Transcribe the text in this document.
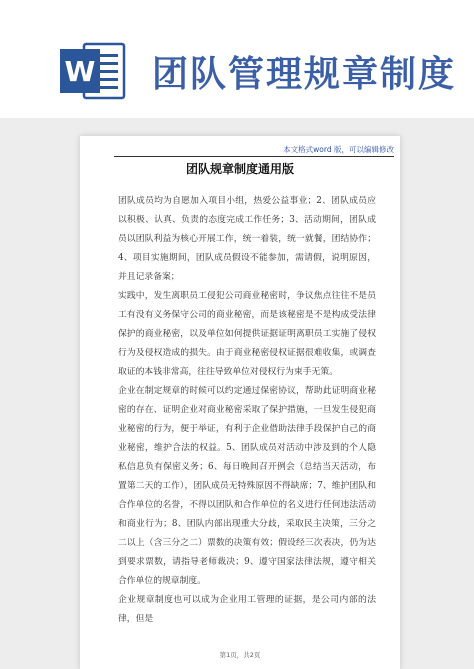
W 团队管理规章制度
本文格式word 版，可以编辑修改
团队规章制度通用版

团队成员均为自愿加入项目小组，热爱公益事业；2、团队成员应以积极、认真、负责的态度完成工作任务；3、活动期间，团队成员以团队利益为核心开展工作，统一着装，统一就餐，团结协作；4、项目实施期间，团队成员假设不能参加，需请假，说明原因，并且记录备案；

实践中，发生离职员工侵犯公司商业秘密时，争议焦点往往不是员工有没有义务保守公司的商业秘密，而是该秘密是不是构成受法律保护的商业秘密，以及单位如何提供证据证明离职员工实施了侵权行为及侵权造成的损失。由于商业秘密侵权证据很难收集，或调查取证的本钱非常高，往往导致单位对侵权行为束手无策。

企业在制定规章的时候可以约定通过保密协议，帮助此证明商业秘密的存在、证明企业对商业秘密采取了保护措施，一旦发生侵犯商业秘密的行为，便于举证，有利于企业借助法律手段保护自己的商业秘密，维护合法的权益。5、团队成员对活动中涉及到的个人隐私信息负有保密义务；6、每日晚间召开例会（总结当天活动，布置第二天的工作），团队成员无特殊原因不得缺席；7、维护团队和合作单位的名誉，不得以团队和合作单位的名义进行任何违法活动和商业行为；8、团队内部出现重大分歧，采取民主决策，三分之二以上（含三分之二）票数的决策有效；假设经三次表决，仍为达到要求票数，请指导老师裁决；9、遵守国家法律法规，遵守相关合作单位的规章制度。

企业规章制度也可以成为企业用工管理的证据，是公司内部的法律，但是

第1页，共2页
